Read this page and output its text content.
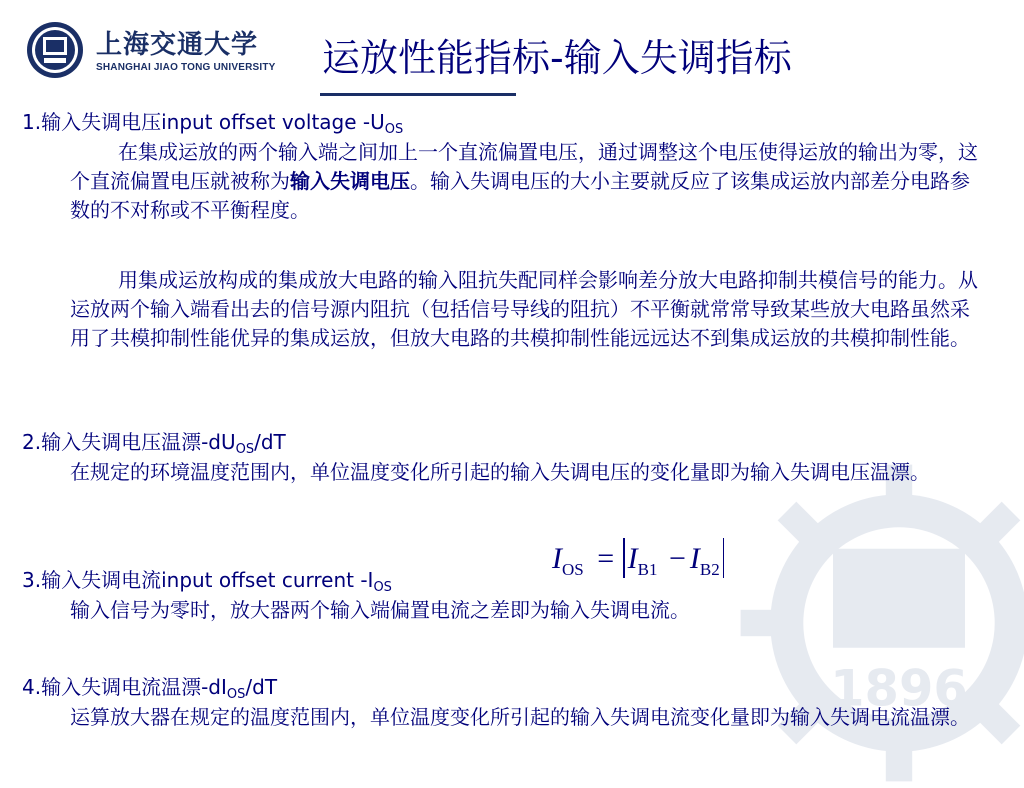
1896
上海交通大学
SHANGHAI JIAO TONG UNIVERSITY 运放性能指标-输入失调指标
1.输入失调电压input offset voltage $-U_{OS}$
在集成运放的两个输入端之间加上一个直流偏置电压，通过调整这个电压使得运放的输出为零，这个直流偏置电压就被称为输入失调电压。输入失调电压的大小主要就反应了该集成运放内部差分电路参数的不对称或不平衡程度。
用集成运放构成的集成放大电路的输入阻抗失配同样会影响差分放大电路抑制共模信号的能力。从运放两个输入端看出去的信号源内阻抗（包括信号导线的阻抗）不平衡就常常导致某些放大电路虽然采用了共模抑制性能优异的集成运放，但放大电路的共模抑制性能远远达不到集成运放的共模抑制性能。
2.输入失调电压温漂$-dU_{OS}/dT$
在规定的环境温度范围内，单位温度变化所引起的输入失调电压的变化量即为输入失调电压温漂。
$I_{OS} = I_{B1} - I_{B2}$
3.输入失调电流input offset current $-I_{OS}$
输入信号为零时，放大器两个输入端偏置电流之差即为输入失调电流。
4.输入失调电流温漂$-dI_{OS}/dT$
运算放大器在规定的温度范围内，单位温度变化所引起的输入失调电流变化量即为输入失调电流温漂。
